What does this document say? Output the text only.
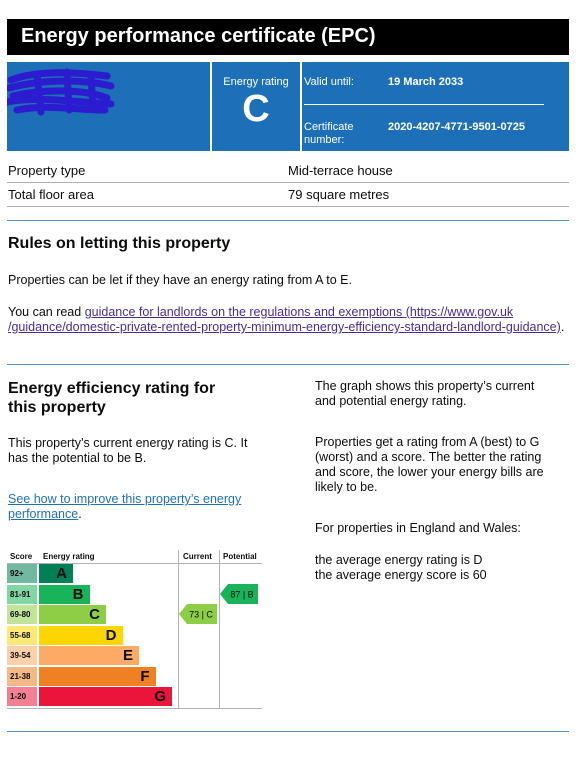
Energy performance certificate (EPC)
Energy rating
C
Valid until:	19 March 2033
Certificate
number:
2020-4207-4771-9501-0725
Property type	Mid-terrace house
Total floor area	79 square metres
Rules on letting this property
Properties can be let if they have an energy rating from A to E.
You can read guidance for landlords on the regulations and exemptions (https://www.gov.uk
/guidance/domestic-private-rented-property-minimum-energy-efficiency-standard-landlord-guidance).
Energy efficiency rating for
this property
This property’s current energy rating is C. It
has the potential to be B.
See how to improve this property’s energy
performance.
The graph shows this property’s current
and potential energy rating.
Properties get a rating from A (best) to G
(worst) and a score. The better the rating
and score, the lower your energy bills are
likely to be.
For properties in England and Wales:
the average energy rating is D
the average energy score is 60
Score Energy rating	Current Potential
92+	A
81-91	B
69-80	C
55-68	D
39-54	E
21-38	F
1-20	G
73 | C
87 | B
